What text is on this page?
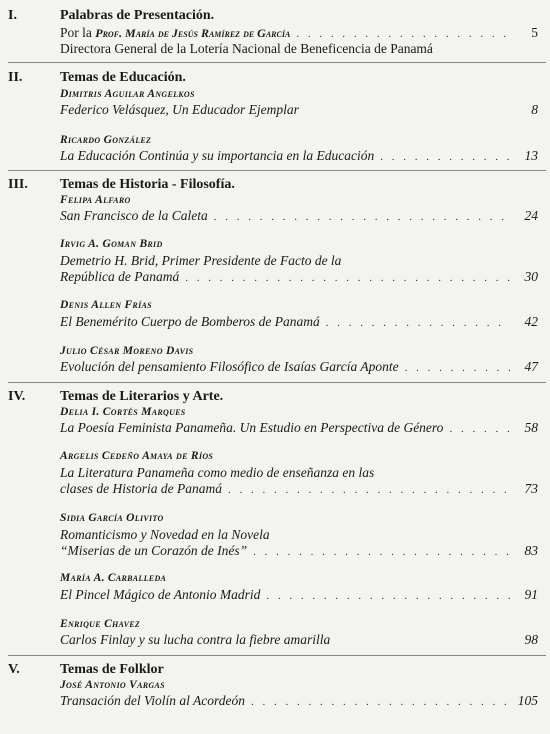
I.	Palabras de Presentación.
Por la Prof. María de Jesús Ramírez de García . . .	5
Directora General de la Lotería Nacional de Beneficencia de Panamá
II.	Temas de Educación.
Dimitris Aguilar Angelkos
Federico Velásquez, Un Educador Ejemplar	8
Ricardo González
La Educación Continúa y su importancia en la Educación . . .	13
III. Temas de Historia - Filosofía.
Felipa Alfaro
San Francisco de la Caleta . . .	24
Irvig A. Goman Brid
Demetrio H. Brid, Primer Presidente de Facto de la
República de Panamá . . .	30
Denis Allen Frías
El Benemérito Cuerpo de Bomberos de Panamá . . .	42
Julio César Moreno Davis
Evolución del pensamiento Filosófico de Isaías García Aponte . . .	47
IV. Temas de Literarios y Arte.
Delia I. Cortés Marques
La Poesía Feminista Panameña. Un Estudio en Perspectiva de Género . . .	58
Argelis Cedeño Amaya de Ríos
La Literatura Panameña como medio de enseñanza en las
clases de Historia de Panamá . . .	73
Sidia García Olivito
Romanticismo y Novedad en la Novela
“Miserias de un Corazón de Inés” . . .	83
María A. Carballeda
El Pincel Mágico de Antonio Madrid . . .	91
Enrique Chavez
Carlos Finlay y su lucha contra la fiebre amarilla	98
V.	Temas de Folklor
José Antonio Vargas
Transación del Violín al Acordeón . . .	105
